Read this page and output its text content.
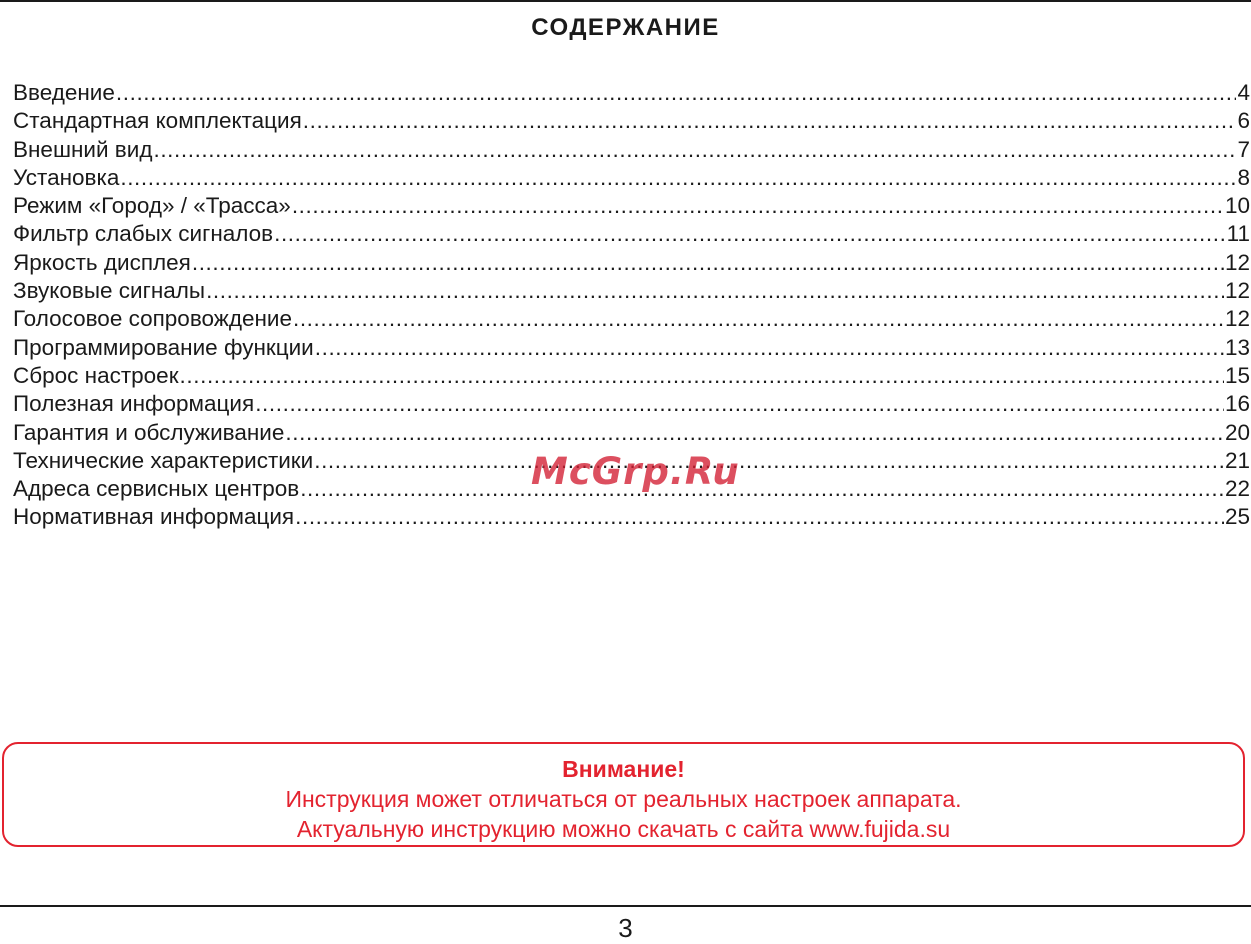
СОДЕРЖАНИЕ
Введение .....	4
Стандартная комплектация .....	6
Внешний вид .....	7
Установка .....	8
Режим «Город» / «Трасса» .....	10
Фильтр слабых сигналов .....	11
Яркость дисплея .....	12
Звуковые сигналы .....	12
Голосовое сопровождение .....	12
Программирование функции .....	13
Сброс настроек .....	15
Полезная информация .....	16
Гарантия и обслуживание .....	20
Технические характеристики .....	21
Адреса сервисных центров .....	22
Нормативная информация .....	25
McGrp.Ru
Внимание!
Инструкция может отличаться от реальных настроек аппарата.
Актуальную инструкцию можно скачать с сайта www.fujida.su
3
